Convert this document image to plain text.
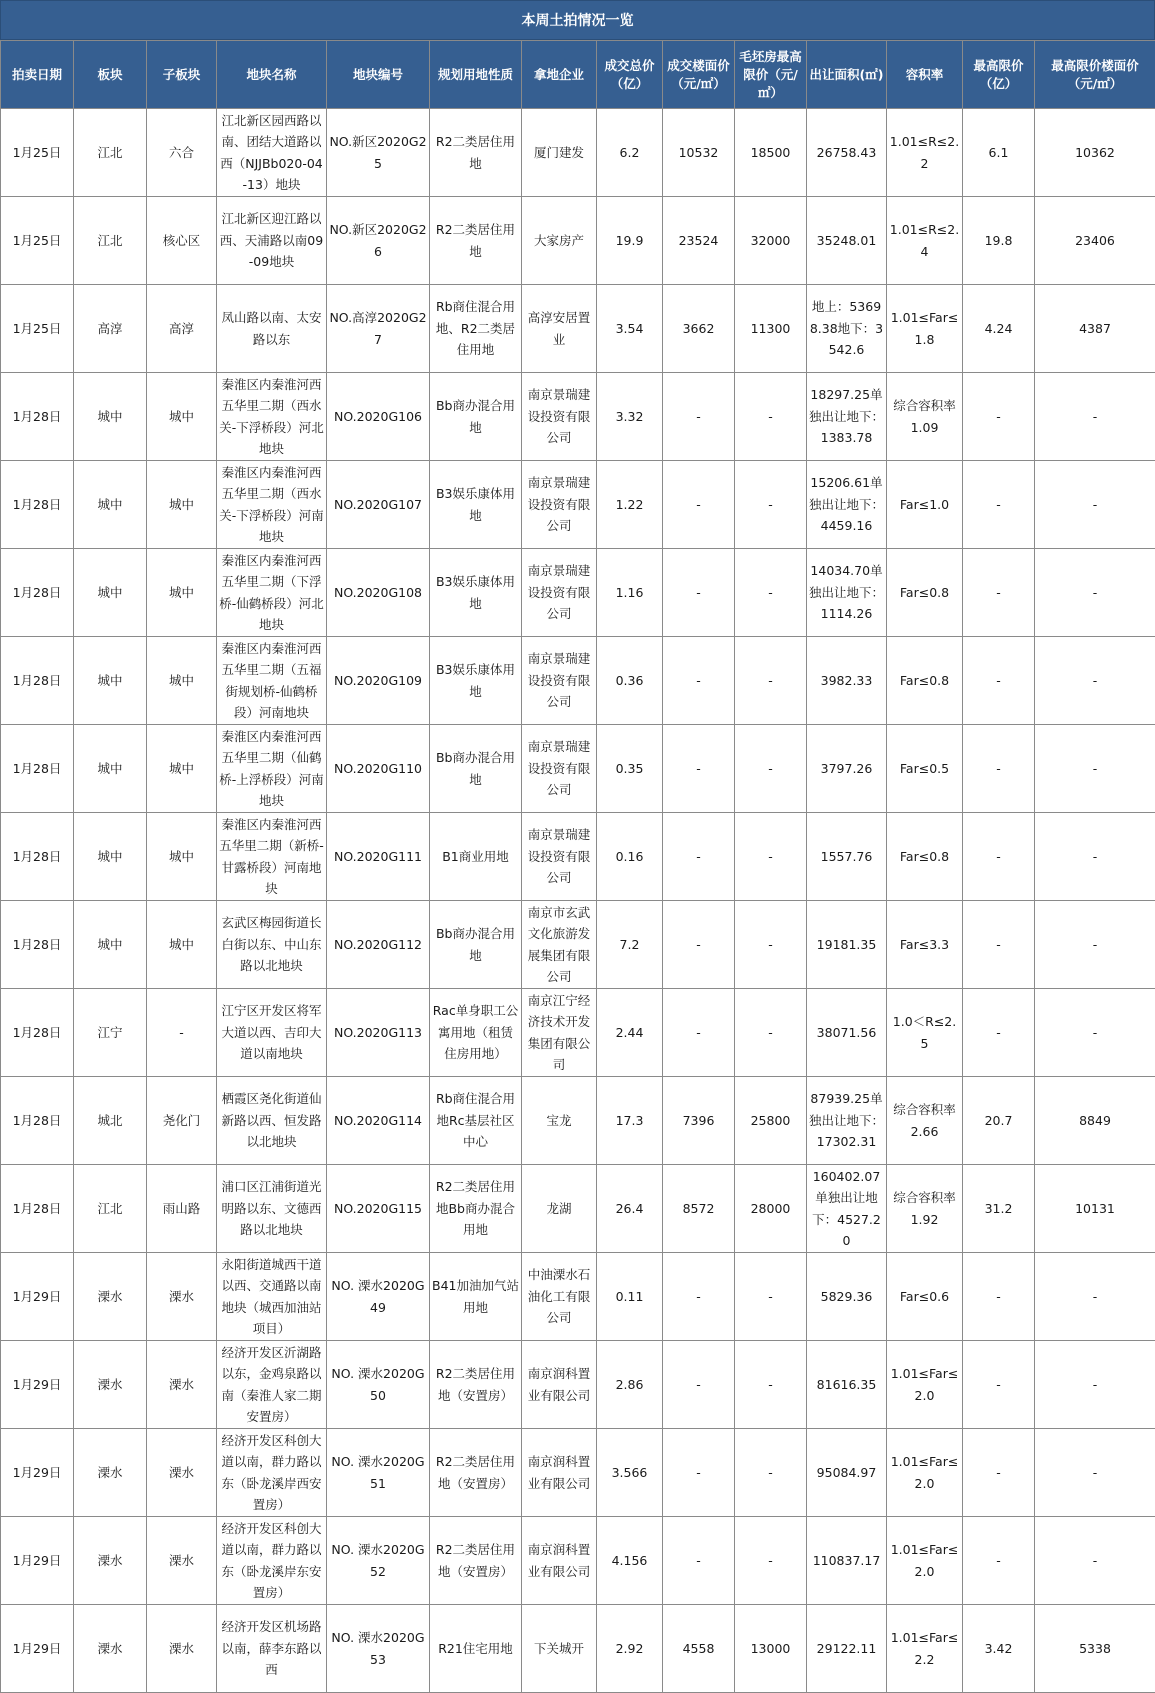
本周土拍情况一览
拍卖日期	板块	子板块	地块名称	地块编号	规划用地性质	拿地企业	成交总价（亿）	成交楼面价（元/㎡）	毛坯房最高限价（元/㎡）	出让面积(㎡)	容积率	最高限价（亿）	最高限价楼面价（元/㎡）
1月25日	江北	六合	江北新区园西路以南、团结大道路以西（NJJBb020-04-13）地块	NO.新区2020G25	R2二类居住用地	厦门建发	6.2	10532	18500	26758.43	1.01≤R≤2.2	6.1	10362
1月25日	江北	核心区	江北新区迎江路以西、天浦路以南09-09地块	NO.新区2020G26	R2二类居住用地	大家房产	19.9	23524	32000	35248.01	1.01≤R≤2.4	19.8	23406
1月25日	高淳	高淳	凤山路以南、太安路以东	NO.高淳2020G27	Rb商住混合用地、R2二类居住用地	高淳安居置业	3.54	3662	11300	地上：53698.38地下：3542.6	1.01≤Far≤1.8	4.24	4387
1月28日	城中	城中	秦淮区内秦淮河西五华里二期（西水关-下浮桥段）河北地块	NO.2020G106	Bb商办混合用地	南京景瑞建设投资有限公司	3.32	-	-	18297.25单独出让地下：1383.78	综合容积率1.09	-	-
1月28日	城中	城中	秦淮区内秦淮河西五华里二期（西水关-下浮桥段）河南地块	NO.2020G107	B3娱乐康体用地	南京景瑞建设投资有限公司	1.22	-	-	15206.61单独出让地下：4459.16	Far≤1.0	-	-
1月28日	城中	城中	秦淮区内秦淮河西五华里二期（下浮桥-仙鹤桥段）河北地块	NO.2020G108	B3娱乐康体用地	南京景瑞建设投资有限公司	1.16	-	-	14034.70单独出让地下：1114.26	Far≤0.8	-	-
1月28日	城中	城中	秦淮区内秦淮河西五华里二期（五福街规划桥-仙鹤桥段）河南地块	NO.2020G109	B3娱乐康体用地	南京景瑞建设投资有限公司	0.36	-	-	3982.33	Far≤0.8	-	-
1月28日	城中	城中	秦淮区内秦淮河西五华里二期（仙鹤桥-上浮桥段）河南地块	NO.2020G110	Bb商办混合用地	南京景瑞建设投资有限公司	0.35	-	-	3797.26	Far≤0.5	-	-
1月28日	城中	城中	秦淮区内秦淮河西五华里二期（新桥-甘露桥段）河南地块	NO.2020G111	B1商业用地	南京景瑞建设投资有限公司	0.16	-	-	1557.76	Far≤0.8	-	-
1月28日	城中	城中	玄武区梅园街道长白街以东、中山东路以北地块	NO.2020G112	Bb商办混合用地	南京市玄武文化旅游发展集团有限公司	7.2	-	-	19181.35	Far≤3.3	-	-
1月28日	江宁	-	江宁区开发区将军大道以西、吉印大道以南地块	NO.2020G113	Rac单身职工公寓用地（租赁住房用地）	南京江宁经济技术开发集团有限公司	2.44	-	-	38071.56	1.0＜R≤2.5	-	-
1月28日	城北	尧化门	栖霞区尧化街道仙新路以西、恒发路以北地块	NO.2020G114	Rb商住混合用地Rc基层社区中心	宝龙	17.3	7396	25800	87939.25单独出让地下：17302.31	综合容积率2.66	20.7	8849
1月28日	江北	雨山路	浦口区江浦街道光明路以东、文德西路以北地块	NO.2020G115	R2二类居住用地Bb商办混合用地	龙湖	26.4	8572	28000	160402.07单独出让地下：4527.20	综合容积率1.92	31.2	10131
1月29日	溧水	溧水	永阳街道城西干道以西、交通路以南地块（城西加油站项目）	NO. 溧水2020G49	B41加油加气站用地	中油溧水石油化工有限公司	0.11	-	-	5829.36	Far≤0.6	-	-
1月29日	溧水	溧水	经济开发区沂湖路以东，金鸡泉路以南（秦淮人家二期安置房）	NO. 溧水2020G50	R2二类居住用地（安置房）	南京润科置业有限公司	2.86	-	-	81616.35	1.01≤Far≤2.0	-	-
1月29日	溧水	溧水	经济开发区科创大道以南，群力路以东（卧龙溪岸西安置房）	NO. 溧水2020G51	R2二类居住用地（安置房）	南京润科置业有限公司	3.566	-	-	95084.97	1.01≤Far≤2.0	-	-
1月29日	溧水	溧水	经济开发区科创大道以南，群力路以东（卧龙溪岸东安置房）	NO. 溧水2020G52	R2二类居住用地（安置房）	南京润科置业有限公司	4.156	-	-	110837.17	1.01≤Far≤2.0	-	-
1月29日	溧水	溧水	经济开发区机场路以南，薛李东路以西	NO. 溧水2020G53	R21住宅用地	下关城开	2.92	4558	13000	29122.11	1.01≤Far≤2.2	3.42	5338
